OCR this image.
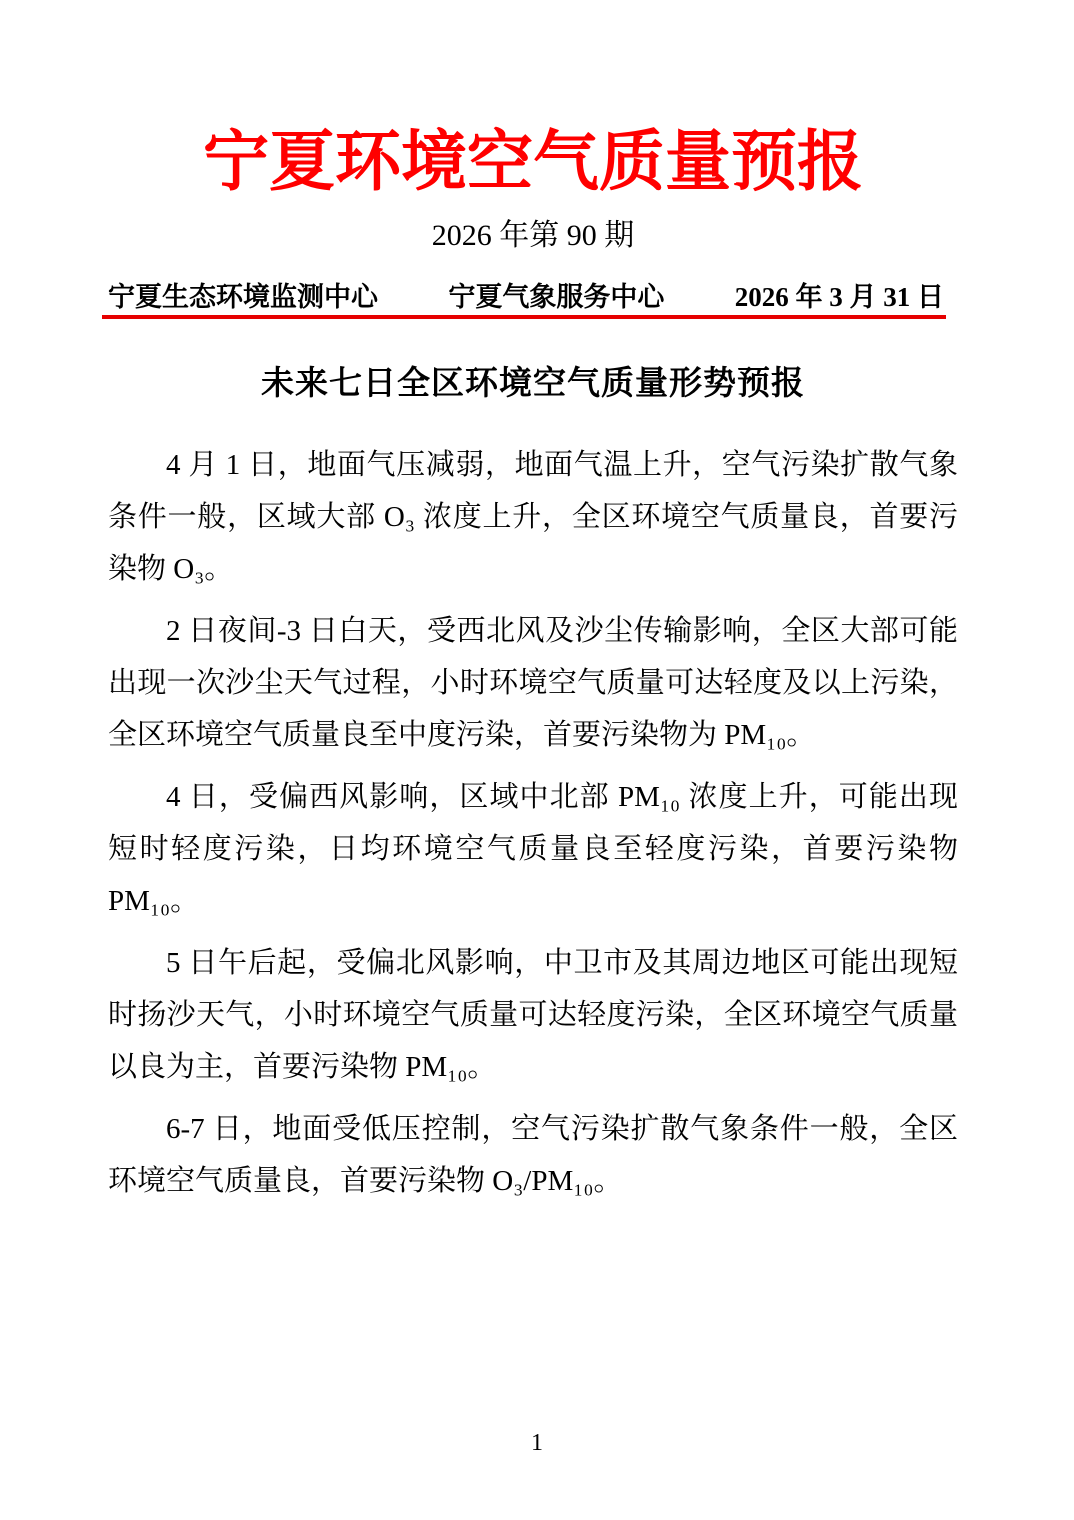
宁夏环境空气质量预报
2026 年第 90 期
宁夏生态环境监测中心	宁夏气象服务中心	2026 年 3 月 31 日
未来七日全区环境空气质量形势预报

4 月 1 日，地面气压减弱，地面气温上升，空气污染扩散气象条件一般，区域大部 O₃ 浓度上升，全区环境空气质量良，首要污染物 O₃。

2 日夜间-3 日白天，受西北风及沙尘传输影响，全区大部可能出现一次沙尘天气过程，小时环境空气质量可达轻度及以上污染，全区环境空气质量良至中度污染，首要污染物为 PM₁₀。

4 日，受偏西风影响，区域中北部 PM₁₀ 浓度上升，可能出现短时轻度污染，日均环境空气质量良至轻度污染，首要污染物 PM₁₀。

5 日午后起，受偏北风影响，中卫市及其周边地区可能出现短时扬沙天气，小时环境空气质量可达轻度污染，全区环境空气质量以良为主，首要污染物 PM₁₀。

6-7 日，地面受低压控制，空气污染扩散气象条件一般，全区环境空气质量良，首要污染物 O₃/PM₁₀。

1
